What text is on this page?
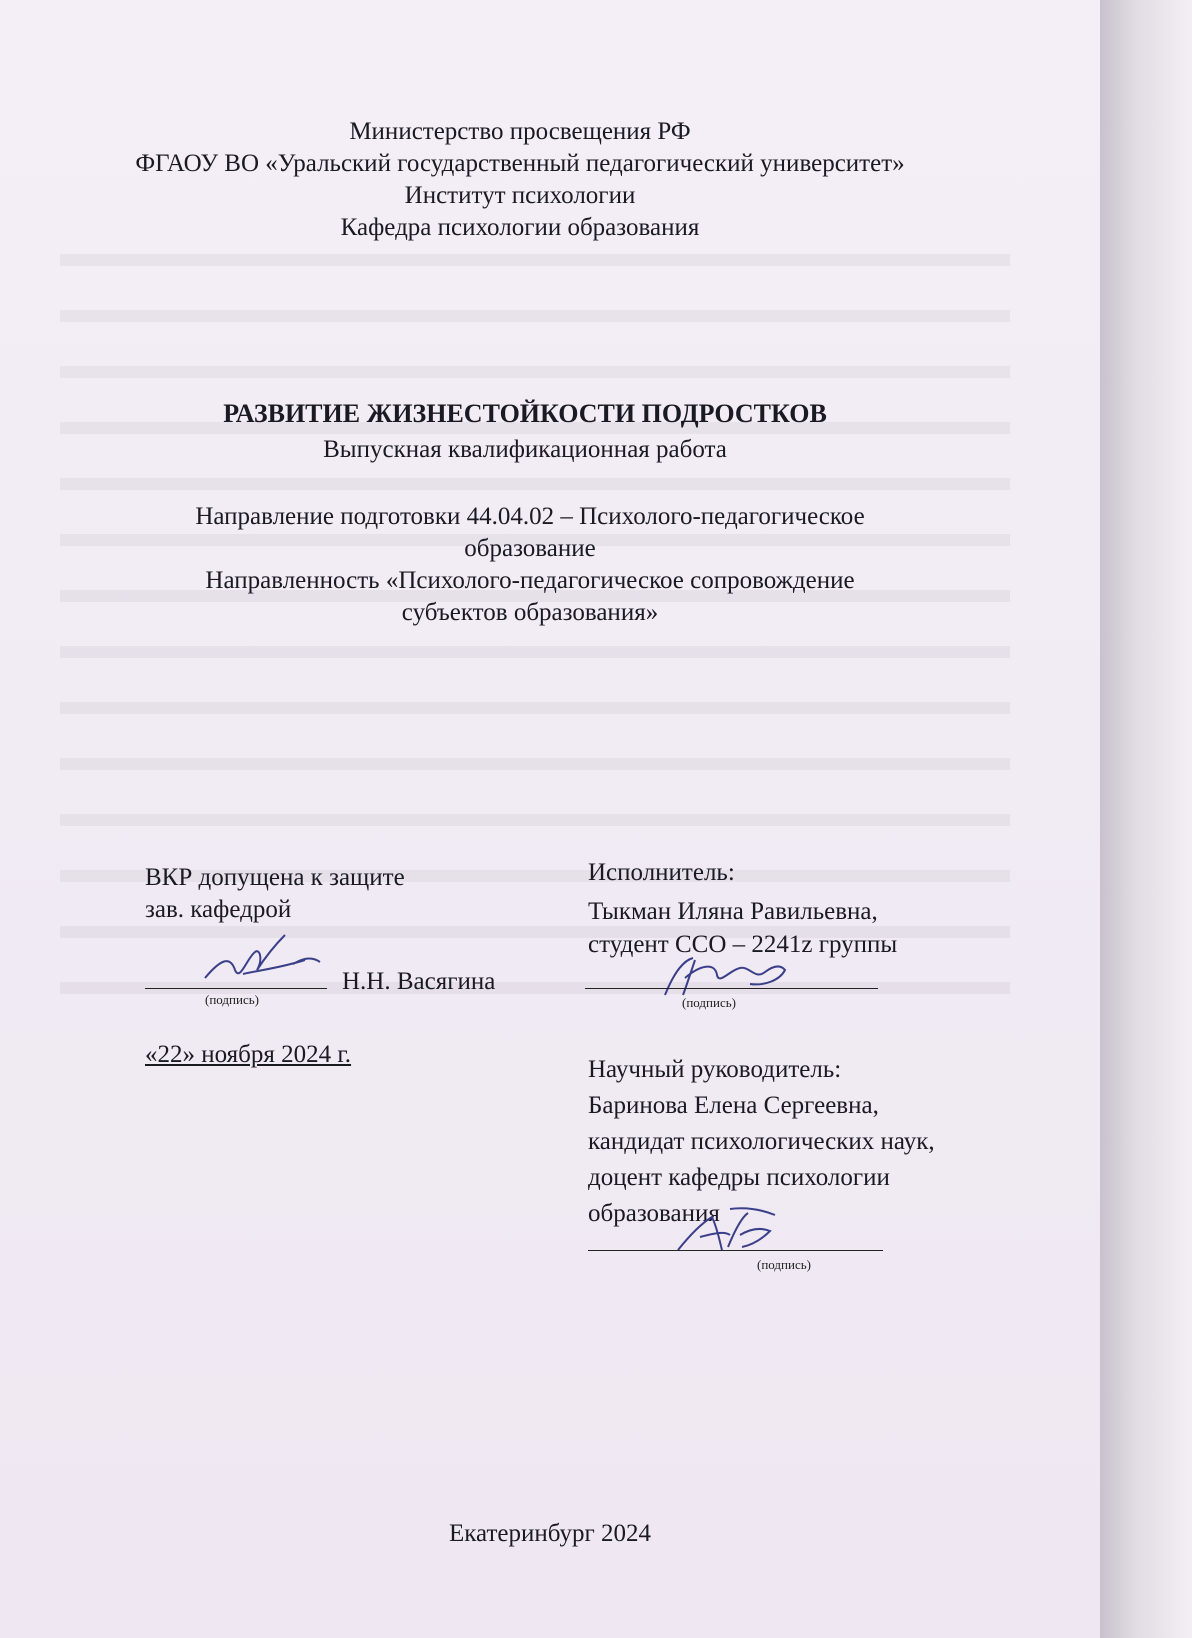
Министерство просвещения РФ
ФГАОУ ВО «Уральский государственный педагогический университет»
Институт психологии
Кафедра психологии образования
РАЗВИТИЕ ЖИЗНЕСТОЙКОСТИ ПОДРОСТКОВ
Выпускная квалификационная работа
Направление подготовки 44.04.02 – Психолого-педагогическое
образование
Направленность «Психолого-педагогическое сопровождение
субъектов образования»
ВКР допущена к защите
зав. кафедрой
Н.Н. Васягина
(подпись)
«22» ноября 2024 г.
Исполнитель:
Тыкман Иляна Равильевна,
студент ССО – 2241z группы
(подпись)
Научный руководитель:
Баринова Елена Сергеевна,
кандидат психологических наук,
доцент кафедры психологии
образования
(подпись)
Екатеринбург 2024
